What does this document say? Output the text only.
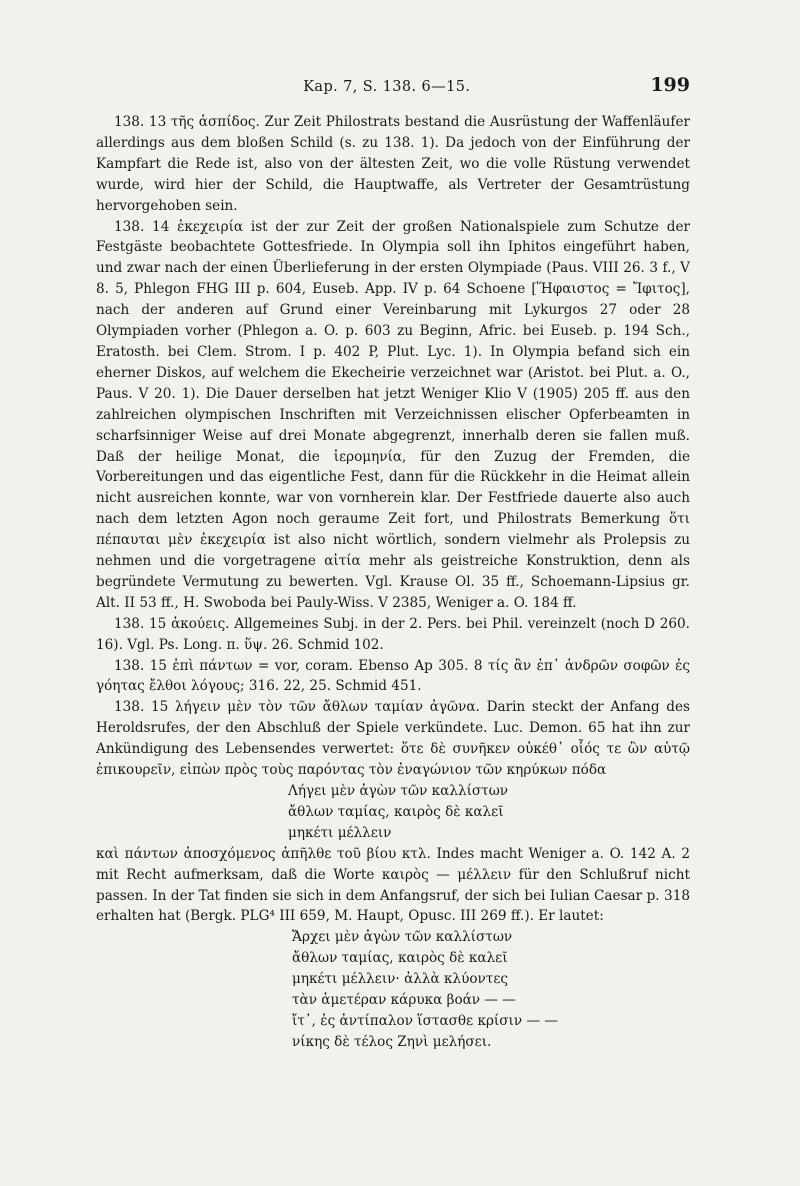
Kap. 7, S. 138. 6—15.	199

138. 13 τῆς ἀσπίδος. Zur Zeit Philostrats bestand die Ausrüstung der Waffenläufer allerdings aus dem bloßen Schild (s. zu 138. 1). Da jedoch von der Einführung der Kampfart die Rede ist, also von der ältesten Zeit, wo die volle Rüstung verwendet wurde, wird hier der Schild, die Hauptwaffe, als Vertreter der Gesamtrüstung hervorgehoben sein.

138. 14 ἐκεχειρία ist der zur Zeit der großen Nationalspiele zum Schutze der Festgäste beobachtete Gottesfriede. In Olympia soll ihn Iphitos eingeführt haben, und zwar nach der einen Überlieferung in der ersten Olympiade (Paus. VIII 26. 3 f., V 8. 5, Phlegon FHG III p. 604, Euseb. App. IV p. 64 Schoene [Ἥφαιστος = Ἴφιτος], nach der anderen auf Grund einer Vereinbarung mit Lykurgos 27 oder 28 Olympiaden vorher (Phlegon a. O. p. 603 zu Beginn, Afric. bei Euseb. p. 194 Sch., Eratosth. bei Clem. Strom. I p. 402 P, Plut. Lyc. 1). In Olympia befand sich ein eherner Diskos, auf welchem die Ekecheirie verzeichnet war (Aristot. bei Plut. a. O., Paus. V 20. 1). Die Dauer derselben hat jetzt Weniger Klio V (1905) 205 ff. aus den zahlreichen olympischen Inschriften mit Verzeichnissen elischer Opferbeamten in scharfsinniger Weise auf drei Monate abgegrenzt, innerhalb deren sie fallen muß. Daß der heilige Monat, die ἱερομηνία, für den Zuzug der Fremden, die Vorbereitungen und das eigentliche Fest, dann für die Rückkehr in die Heimat allein nicht ausreichen konnte, war von vornherein klar. Der Festfriede dauerte also auch nach dem letzten Agon noch geraume Zeit fort, und Philostrats Bemerkung ὅτι πέπαυται μὲν ἐκεχειρία ist also nicht wörtlich, sondern vielmehr als Prolepsis zu nehmen und die vorgetragene αἰτία mehr als geistreiche Konstruktion, denn als begründete Vermutung zu bewerten. Vgl. Krause Ol. 35 ff., Schoemann-Lipsius gr. Alt. II 53 ff., H. Swoboda bei Pauly-Wiss. V 2385, Weniger a. O. 184 ff.

138. 15 ἀκούεις. Allgemeines Subj. in der 2. Pers. bei Phil. vereinzelt (noch D 260. 16). Vgl. Ps. Long. π. ὕψ. 26. Schmid 102.

138. 15 ἐπὶ πάντων = vor, coram. Ebenso Ap 305. 8 τίς ἂν ἐπ᾿ ἀνδρῶν σοφῶν ἐς γόητας ἔλθοι λόγους; 316. 22, 25. Schmid 451.

138. 15 λήγειν μὲν τὸν τῶν ἄθλων ταμίαν ἀγῶνα. Darin steckt der Anfang des Heroldsrufes, der den Abschluß der Spiele verkündete. Luc. Demon. 65 hat ihn zur Ankündigung des Lebensendes verwertet: ὅτε δὲ συνῆκεν οὐκέθ᾿ οἷός τε ὢν αὑτῷ ἐπικουρεῖν, εἰπὼν πρὸς τοὺς παρόντας τὸν ἐναγώνιον τῶν κηρύκων πόδα

Λήγει μὲν ἀγὼν τῶν καλλίστων
ἄθλων ταμίας, καιρὸς δὲ καλεῖ
μηκέτι μέλλειν

καὶ πάντων ἀποσχόμενος ἀπῆλθε τοῦ βίου κτλ. Indes macht Weniger a. O. 142 A. 2 mit Recht aufmerksam, daß die Worte καιρὸς — μέλλειν für den Schlußruf nicht passen. In der Tat finden sie sich in dem Anfangsruf, der sich bei Iulian Caesar p. 318 erhalten hat (Bergk. PLG⁴ III 659, M. Haupt, Opusc. III 269 ff.). Er lautet:

Ἄρχει μὲν ἀγὼν τῶν καλλίστων
ἄθλων ταμίας, καιρὸς δὲ καλεῖ
μηκέτι μέλλειν· ἀλλὰ κλύοντες
τὰν ἁμετέραν κάρυκα βοάν — —
ἴτ᾿, ἐς ἀντίπαλον ἵστασθε κρίσιν — —
νίκης δὲ τέλος Ζηνὶ μελήσει.
